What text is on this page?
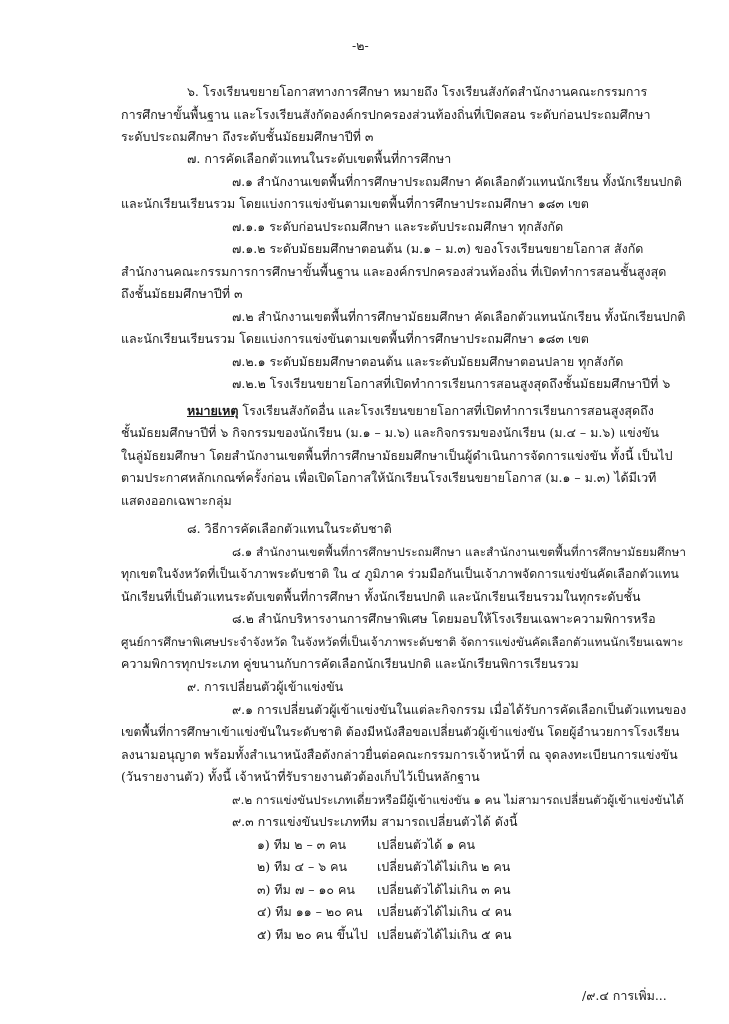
-๒-
๖. โรงเรียนขยายโอกาสทางการศึกษา หมายถึง โรงเรียนสังกัดสำนักงานคณะกรรมการ
การศึกษาขั้นพื้นฐาน และโรงเรียนสังกัดองค์กรปกครองส่วนท้องถิ่นที่เปิดสอน ระดับก่อนประถมศึกษา
ระดับประถมศึกษา ถึงระดับชั้นมัธยมศึกษาปีที่ ๓
๗. การคัดเลือกตัวแทนในระดับเขตพื้นที่การศึกษา
๗.๑ สำนักงานเขตพื้นที่การศึกษาประถมศึกษา คัดเลือกตัวแทนนักเรียน ทั้งนักเรียนปกติ
และนักเรียนเรียนรวม โดยแบ่งการแข่งขันตามเขตพื้นที่การศึกษาประถมศึกษา ๑๘๓ เขต
๗.๑.๑ ระดับก่อนประถมศึกษา และระดับประถมศึกษา ทุกสังกัด
๗.๑.๒ ระดับมัธยมศึกษาตอนต้น (ม.๑ – ม.๓) ของโรงเรียนขยายโอกาส สังกัด
สำนักงานคณะกรรมการการศึกษาขั้นพื้นฐาน และองค์กรปกครองส่วนท้องถิ่น ที่เปิดทำการสอนชั้นสูงสุด
ถึงชั้นมัธยมศึกษาปีที่ ๓
๗.๒ สำนักงานเขตพื้นที่การศึกษามัธยมศึกษา คัดเลือกตัวแทนนักเรียน ทั้งนักเรียนปกติ
และนักเรียนเรียนรวม โดยแบ่งการแข่งขันตามเขตพื้นที่การศึกษาประถมศึกษา ๑๘๓ เขต
๗.๒.๑ ระดับมัธยมศึกษาตอนต้น และระดับมัธยมศึกษาตอนปลาย ทุกสังกัด
๗.๒.๒ โรงเรียนขยายโอกาสที่เปิดทำการเรียนการสอนสูงสุดถึงชั้นมัธยมศึกษาปีที่ ๖
หมายเหตุ โรงเรียนสังกัดอื่น และโรงเรียนขยายโอกาสที่เปิดทำการเรียนการสอนสูงสุดถึง
ชั้นมัธยมศึกษาปีที่ ๖ กิจกรรมของนักเรียน (ม.๑ – ม.๖) และกิจกรรมของนักเรียน (ม.๔ – ม.๖) แข่งขัน
ในลู่มัธยมศึกษา โดยสำนักงานเขตพื้นที่การศึกษามัธยมศึกษาเป็นผู้ดำเนินการจัดการแข่งขัน ทั้งนี้ เป็นไป
ตามประกาศหลักเกณฑ์ครั้งก่อน เพื่อเปิดโอกาสให้นักเรียนโรงเรียนขยายโอกาส (ม.๑ – ม.๓) ได้มีเวที
แสดงออกเฉพาะกลุ่ม
๘. วิธีการคัดเลือกตัวแทนในระดับชาติ
๘.๑ สำนักงานเขตพื้นที่การศึกษาประถมศึกษา และสำนักงานเขตพื้นที่การศึกษามัธยมศึกษา
ทุกเขตในจังหวัดที่เป็นเจ้าภาพระดับชาติ ใน ๔ ภูมิภาค ร่วมมือกันเป็นเจ้าภาพจัดการแข่งขันคัดเลือกตัวแทน
นักเรียนที่เป็นตัวแทนระดับเขตพื้นที่การศึกษา ทั้งนักเรียนปกติ และนักเรียนเรียนรวมในทุกระดับชั้น
๘.๒ สำนักบริหารงานการศึกษาพิเศษ โดยมอบให้โรงเรียนเฉพาะความพิการหรือ
ศูนย์การศึกษาพิเศษประจำจังหวัด ในจังหวัดที่เป็นเจ้าภาพระดับชาติ จัดการแข่งขันคัดเลือกตัวแทนนักเรียนเฉพาะ
ความพิการทุกประเภท คู่ขนานกับการคัดเลือกนักเรียนปกติ และนักเรียนพิการเรียนรวม
๙. การเปลี่ยนตัวผู้เข้าแข่งขัน
๙.๑ การเปลี่ยนตัวผู้เข้าแข่งขันในแต่ละกิจกรรม เมื่อได้รับการคัดเลือกเป็นตัวแทนของ
เขตพื้นที่การศึกษาเข้าแข่งขันในระดับชาติ ต้องมีหนังสือขอเปลี่ยนตัวผู้เข้าแข่งขัน โดยผู้อำนวยการโรงเรียน
ลงนามอนุญาต พร้อมทั้งสำเนาหนังสือดังกล่าวยื่นต่อคณะกรรมการเจ้าหน้าที่ ณ จุดลงทะเบียนการแข่งขัน
(วันรายงานตัว) ทั้งนี้ เจ้าหน้าที่รับรายงานตัวต้องเก็บไว้เป็นหลักฐาน
๙.๒ การแข่งขันประเภทเดี่ยวหรือมีผู้เข้าแข่งขัน ๑ คน ไม่สามารถเปลี่ยนตัวผู้เข้าแข่งขันได้
๙.๓ การแข่งขันประเภททีม สามารถเปลี่ยนตัวได้ ดังนี้
๑) ทีม ๒ – ๓ คน เปลี่ยนตัวได้ ๑ คน
๒) ทีม ๔ – ๖ คน เปลี่ยนตัวได้ไม่เกิน ๒ คน
๓) ทีม ๗ – ๑๐ คน เปลี่ยนตัวได้ไม่เกิน ๓ คน
๔) ทีม ๑๑ – ๒๐ คน เปลี่ยนตัวได้ไม่เกิน ๔ คน
๕) ทีม ๒๐ คน ขึ้นไป เปลี่ยนตัวได้ไม่เกิน ๕ คน
/๙.๔ การเพิ่ม...
